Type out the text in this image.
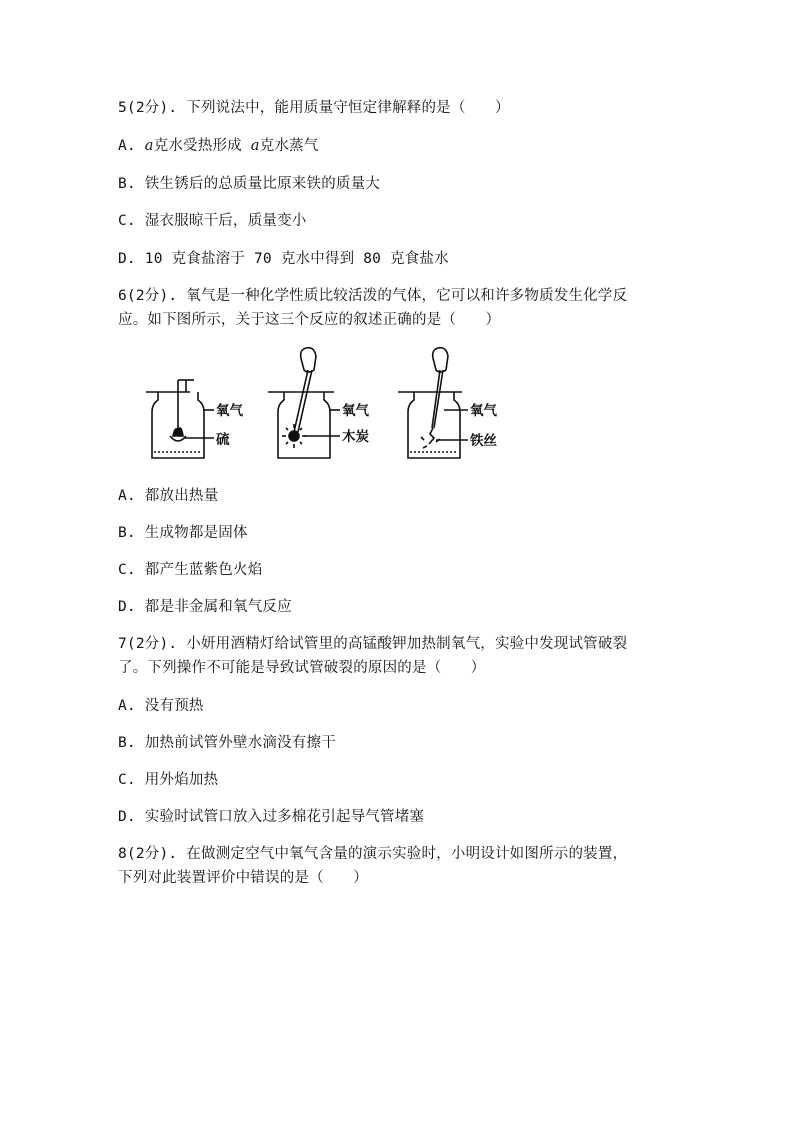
5(2分). 下列说法中，能用质量守恒定律解释的是（　　）
A. a克水受热形成 a克水蒸气
B. 铁生锈后的总质量比原来铁的质量大
C. 湿衣服晾干后，质量变小
D. 10 克食盐溶于 70 克水中得到 80 克食盐水
6(2分). 氧气是一种化学性质比较活泼的气体，它可以和许多物质发生化学反
应。如下图所示，关于这三个反应的叙述正确的是（　　）
氧气
硫
氧气
木炭
氧气
铁丝
A. 都放出热量
B. 生成物都是固体
C. 都产生蓝紫色火焰
D. 都是非金属和氧气反应
7(2分). 小妍用酒精灯给试管里的高锰酸钾加热制氧气，实验中发现试管破裂
了。下列操作不可能是导致试管破裂的原因的是（　　）
A. 没有预热
B. 加热前试管外壁水滴没有擦干
C. 用外焰加热
D. 实验时试管口放入过多棉花引起导气管堵塞
8(2分). 在做测定空气中氧气含量的演示实验时，小明设计如图所示的装置，
下列对此装置评价中错误的是（　　）
